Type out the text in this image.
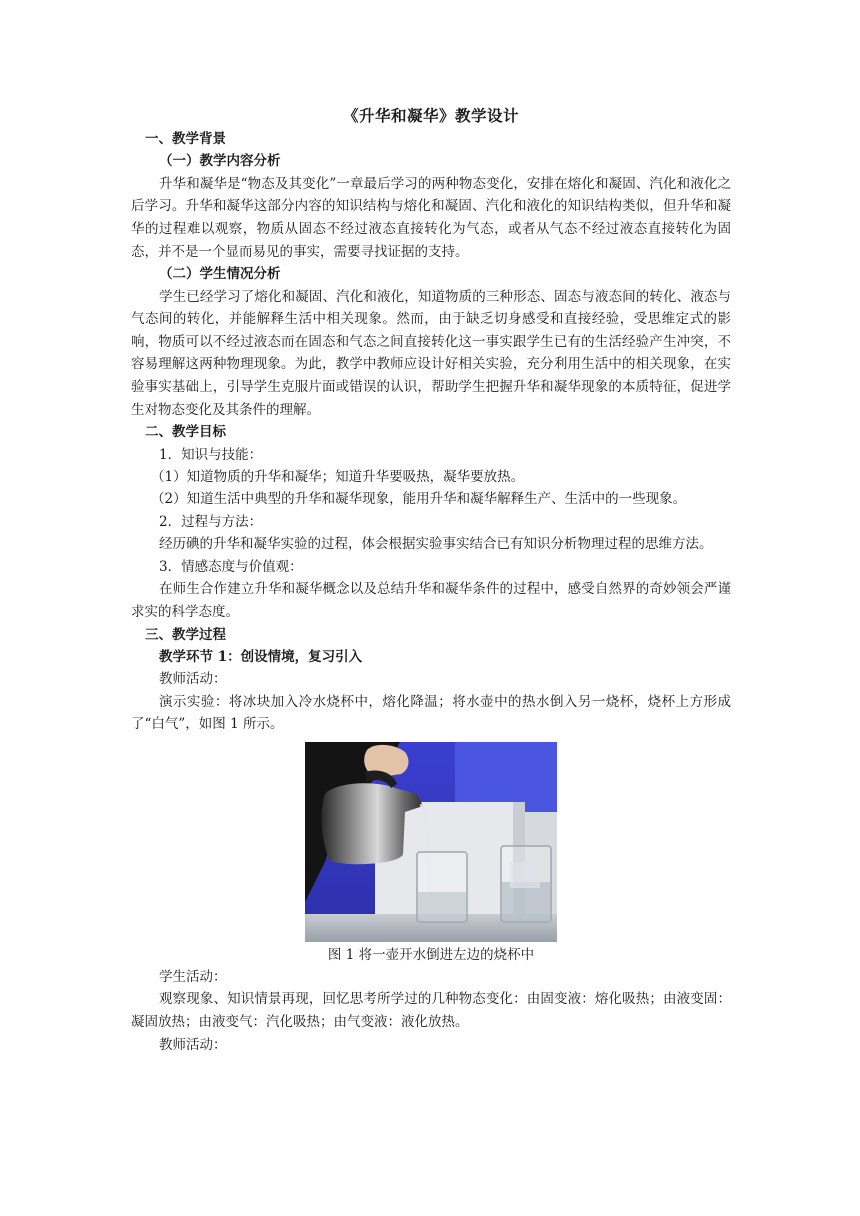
《升华和凝华》教学设计

一、教学背景

（一）教学内容分析

升华和凝华是“物态及其变化”一章最后学习的两种物态变化，安排在熔化和凝固、汽化和液化之后学习。升华和凝华这部分内容的知识结构与熔化和凝固、汽化和液化的知识结构类似，但升华和凝华的过程难以观察，物质从固态不经过液态直接转化为气态，或者从气态不经过液态直接转化为固态，并不是一个显而易见的事实，需要寻找证据的支持。

（二）学生情况分析

学生已经学习了熔化和凝固、汽化和液化，知道物质的三种形态、固态与液态间的转化、液态与气态间的转化，并能解释生活中相关现象。然而，由于缺乏切身感受和直接经验，受思维定式的影响，物质可以不经过液态而在固态和气态之间直接转化这一事实跟学生已有的生活经验产生冲突，不容易理解这两种物理现象。为此，教学中教师应设计好相关实验，充分利用生活中的相关现象，在实验事实基础上，引导学生克服片面或错误的认识，帮助学生把握升华和凝华现象的本质特征，促进学生对物态变化及其条件的理解。

二、教学目标

1．知识与技能：

（1）知道物质的升华和凝华；知道升华要吸热，凝华要放热。

（2）知道生活中典型的升华和凝华现象，能用升华和凝华解释生产、生活中的一些现象。

2．过程与方法：

经历碘的升华和凝华实验的过程，体会根据实验事实结合已有知识分析物理过程的思维方法。

3．情感态度与价值观：

在师生合作建立升华和凝华概念以及总结升华和凝华条件的过程中，感受自然界的奇妙领会严谨求实的科学态度。

三、教学过程

教学环节 1：创设情境，复习引入

教师活动：

演示实验：将冰块加入冷水烧杯中，熔化降温；将水壶中的热水倒入另一烧杯，烧杯上方形成了“白气”，如图 1 所示。

图 1 将一壶开水倒进左边的烧杯中

学生活动：

观察现象、知识情景再现，回忆思考所学过的几种物态变化：由固变液：熔化吸热；由液变固：凝固放热；由液变气：汽化吸热；由气变液：液化放热。

教师活动：
